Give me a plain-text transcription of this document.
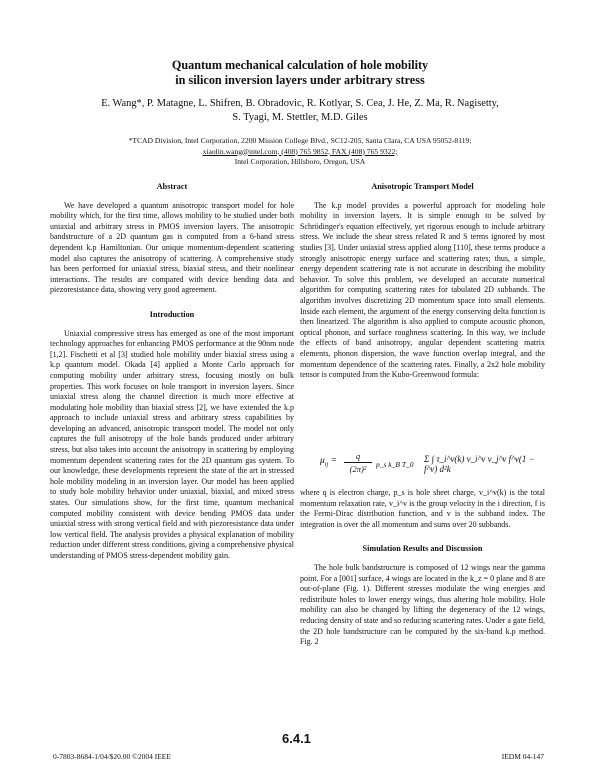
Quantum mechanical calculation of hole mobility
in silicon inversion layers under arbitrary stress
E. Wang*, P. Matagne, L. Shifren, B. Obradovic, R. Kotlyar, S. Cea, J. He, Z. Ma, R. Nagisetty,
S. Tyagi, M. Stettler, M.D. Giles
*TCAD Division, Intel Corporation, 2200 Mission College Blvd., SC12-205, Santa Clara, CA USA 95052-8119;
xiaolin.wang@intel.com, (408) 765 9852, FAX (408) 765 9322;
Intel Corporation, Hillsboro, Oregon, USA

Abstract

We have developed a quantum anisotropic transport model for hole mobility which, for the first time, allows mobility to be studied under both uniaxial and arbitrary stress in PMOS inversion layers. The anisotropic bandstructure of a 2D quantum gas is computed from a 6-band stress dependent k.p Hamiltonian. Our unique momentum-dependent scattering model also captures the anisotropy of scattering. A comprehensive study has been performed for uniaxial stress, biaxial stress, and their nonlinear interactions. The results are compared with device bending data and piezoresistance data, showing very good agreement.

Introduction

Uniaxial compressive stress has emerged as one of the most important technology approaches for enhancing PMOS performance at the 90nm node [1,2]. Fischetti et al [3] studied hole mobility under biaxial stress using a k.p quantum model. Okada [4] applied a Monte Carlo approach for computing mobility under arbitrary stress, focusing mostly on bulk properties. This work focuses on hole transport in inversion layers. Since uniaxial stress along the channel direction is much more effective at modulating hole mobility than biaxial stress [2], we have extended the k.p approach to include uniaxial stress and arbitrary stress capabilities by developing an advanced, anisotropic transport model. The model not only captures the full anisotropy of the hole bands produced under arbitrary stress, but also takes into account the anisotropy in scattering by employing momentum dependent scattering rates for the 2D quantum gas system. To our knowledge, these developments represent the state of the art in stressed hole mobility modeling in an inversion layer. Our model has been applied to study hole mobility behavior under uniaxial, biaxial, and mixed stress states. Our simulations show, for the first time, quantum mechanical computed mobility consistent with device bending PMOS data under uniaxial stress with strong vertical field and with piezoresistance data under low vertical field. The analysis provides a physical explanation of mobility reduction under different stress conditions, giving a comprehensive physical understanding of PMOS stress-dependent mobility gain.

Anisotropic Transport Model

The k.p model provides a powerful approach for modeling hole mobility in inversion layers. It is simple enough to be solved by Schrödinger's equation effectively, yet rigorous enough to include arbitrary stress. We include the shear stress related R and S terms ignored by most studies [3]. Under uniaxial stress applied along [110], these terms produce a strongly anisotropic energy surface and scattering rates; thus, a simple, energy dependent scattering rate is not accurate in describing the mobility behavior. To solve this problem, we developed an accurate numerical algorithm for computing scattering rates for tabulated 2D subbands. The algorithm involves discretizing 2D momentum space into small elements. Inside each element, the argument of the energy conserving delta function is then linearized. The algorithm is also applied to compute acoustic phonon, optical phonon, and surface roughness scattering. In this way, we include the effects of band anisotropy, angular dependent scattering matrix elements, phonon dispersion, the wave function overlap integral, and the momentum dependence of the scattering rates. Finally, a 2x2 hole mobility tensor is computed from the Kubo-Greenwood formula:

$\mu_{ij}$ =	q
(2π)²	p_s k_B T_0
Σ ∫ τ_i^v(k) v_i^v v_j^v f^v(1 − f^v) d²k

where q is electron charge, p_s is hole sheet charge, v_i^v(k) is the total momentum relaxation rate, v_i^v is the group velocity in the i direction, f is the Fermi-Dirac distribution function, and v is the subband index. The integration is over the all momentum and sums over 20 subbands.

Simulation Results and Discussion

The hole bulk bandstructure is composed of 12 wings near the gamma point. For a [001] surface, 4 wings are located in the k_z = 0 plane and 8 are out-of-plane (Fig. 1). Different stresses modulate the wing energies and redistribute holes to lower energy wings, thus altering hole mobility. Hole mobility can also be changed by lifting the degeneracy of the 12 wings, reducing density of state and so reducing scattering rates. Under a gate field, the 2D hole bandstructure can be computed by the six-band k.p method. Fig. 2

6.4.1
0-7803-8684-1/04/$20.00 ©2004 IEEE	IEDM 04-147
